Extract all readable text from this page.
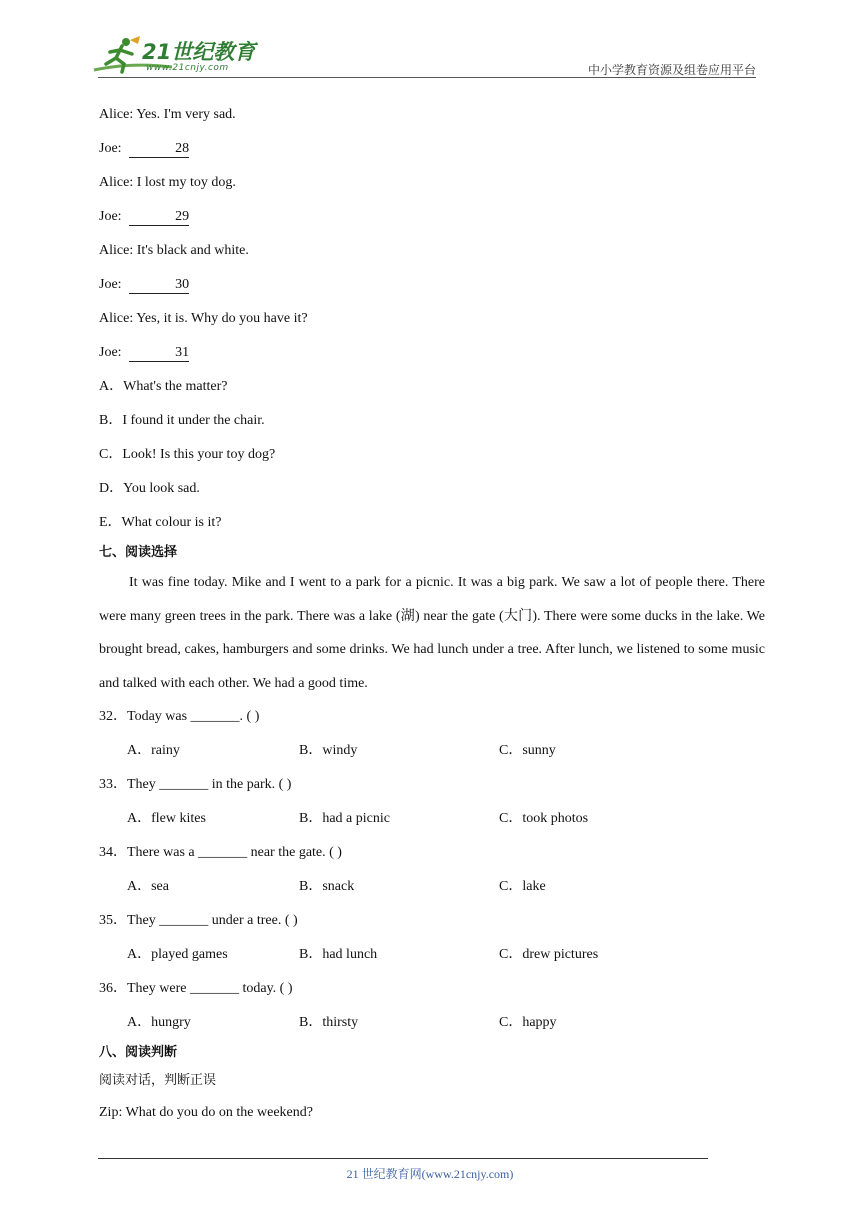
21世纪教育
www.21cnjy.com	中小学教育资源及组卷应用平台
Alice: Yes. I'm very sad.
Joe:	28
Alice: I lost my toy dog.
Joe:	29
Alice: It's black and white.
Joe:	30
Alice: Yes, it is. Why do you have it?
Joe:	31
A．What's the matter?
B．I found it under the chair.
C．Look! Is this your toy dog?
D．You look sad.
E．What colour is it?
七、阅读选择
It was fine today. Mike and I went to a park for a picnic. It was a big park. We saw a lot of people there. There were many green trees in the park. There was a lake (湖) near the gate (大门). There were some ducks in the lake. We brought bread, cakes, hamburgers and some drinks. We had lunch under a tree. After lunch, we listened to some music and talked with each other. We had a good time.
32．Today was _______. ( )
A．rainy	B．windy	C．sunny
33．They _______ in the park. ( )
A．flew kites	B．had a picnic	C．took photos
34．There was a _______ near the gate. ( )
A．sea	B．snack	C．lake
35．They _______ under a tree. ( )
A．played games	B．had lunch	C．drew pictures
36．They were _______ today. ( )
A．hungry	B．thirsty	C．happy
八、阅读判断
阅读对话，判断正误
Zip: What do you do on the weekend?
21 世纪教育网(www.21cnjy.com)
